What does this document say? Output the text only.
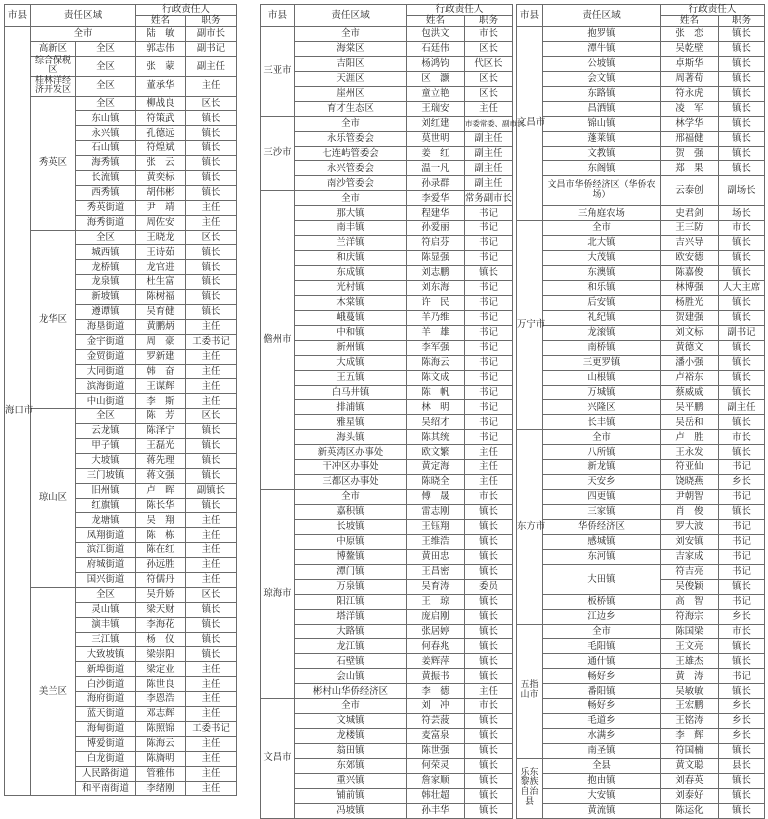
市县	责任区域		行政责任人	
			姓名	职务
海口市	全市		陆　敏	副市长
	高新区	全区	郭志伟	副书记
	综合保税区	全区	张　蒙	副主任
	桂林洋经济开发区	全区	董承华	主任
	秀英区	全区	柳战良	区长
		东山镇	符策武	镇长
		永兴镇	孔德远	镇长
		石山镇	符煌斌	镇长
		海秀镇	张　云	镇长
		长流镇	黄奕标	镇长
		西秀镇	胡伟彬	镇长
		秀英街道	尹　靖	主任
		海秀街道	周佐安	主任
	龙华区	全区	王晓龙	区长
		城西镇	王诗茹	镇长
		龙桥镇	龙官进	镇长
		龙泉镇	杜生富	镇长
		新坡镇	陈树福	镇长
		遵谭镇	吴育健	镇长
		海垦街道	黄鹏炳	主任
		金宇街道	周　豪	工委书记
		金贸街道	罗新建	主任
		大同街道	韩　奋	主任
		滨海街道	王谋辉	主任
		中山街道	李　斯	主任
	琼山区	全区	陈　芳	区长
		云龙镇	陈泽宁	镇长
		甲子镇	王磊光	镇长
		大坡镇	蒋先理	镇长
		三门坡镇	蒋文强	镇长
		旧州镇	卢　晖	副镇长
		红旗镇	陈长华	镇长
		龙塘镇	吴　翔	主任
		凤翔街道	陈　栋	主任
		滨江街道	陈在红	主任
		府城街道	孙远胜	主任
		国兴街道	符儒丹	主任
	美兰区	全区	吴升娇	区长
		灵山镇	梁天财	镇长
		演丰镇	李海花	镇长
		三江镇	杨　仪	镇长
		大致坡镇	梁崇阳	镇长
		新埠街道	梁定业	主任
		白沙街道	陈世良	主任
		海府街道	李恩浩	主任
		蓝天街道	邓志辉	主任
		海甸街道	陈照锦	工委书记
		博爱街道	陈海云	主任
		白龙街道	陈旖明	主任
		人民路街道	管雅伟	主任
		和平南街道	李绪刚	主任
市县	责任区域	行政责任人	
		姓名	职务
三亚市	全市	包洪文	市长
	海棠区	石廷伟	区长
	吉阳区	杨鸿钧	代区长
	天涯区	区　灏	区长
	崖州区	童立艳	区长
	育才生态区	王瑞安	主任
三沙市	全市	刘红建	市委常委、副市长
	永乐管委会	莫世明	副主任
	七连屿管委会	姜　红	副主任
	永兴管委会	温一凡	副主任
	南沙管委会	孙录群	副主任
儋州市	全市	李爱华	常务副市长
	那大镇	程建华	书记
	南丰镇	孙爱丽	书记
	兰洋镇	符启芬	书记
	和庆镇	陈显强	书记
	东成镇	刘志鹏	镇长
	光村镇	刘东海	书记
	木棠镇	许　民	书记
	峨蔓镇	羊乃维	书记
	中和镇	羊　雄	书记
	新州镇	李军强	书记
	大成镇	陈海云	书记
	王五镇	陈文成	书记
	白马井镇	陈　帆	书记
	排浦镇	林　明	书记
	雅星镇	吴绍才	书记
	海头镇	陈其统	书记
	新英湾区办事处	欧文繁	主任
	干冲区办事处	黄定海	主任
	三都区办事处	陈晓全	主任
琼海市	全市	傅　晟	市长
	嘉积镇	雷志刚	镇长
	长坡镇	王钰翔	镇长
	中原镇	王维浩	镇长
	博鳌镇	黄田忠	镇长
	潭门镇	王昌密	镇长
	万泉镇	吴育涛	委员
	阳江镇	王　琼	镇长
	塔洋镇	庞启刚	镇长
	大路镇	张居婷	镇长
	龙江镇	何春兆	镇长
	石壁镇	姜辉萍	镇长
	会山镇	黄振书	镇长
	彬村山华侨经济区	李　德	主任
文昌市	全市	刘　冲	市长
	文城镇	符芸菠	镇长
	龙楼镇	麦富泉	镇长
	翁田镇	陈世强	镇长
	东郊镇	何荣灵	镇长
	重兴镇	詹家顺	镇长
	铺前镇	韩壮超	镇长
	冯坡镇	孙丰华	镇长
市县	责任区域	行政责任人	
		姓名	职务
文昌市	抱罗镇	张　恋	镇长
	潭牛镇	吴乾壁	镇长
	公坡镇	卓斯华	镇长
	会文镇	周著荀	镇长
	东路镇	符永虎	镇长
	昌洒镇	凌　军	镇长
	锦山镇	林学华	镇长
	蓬莱镇	邢福健	镇长
	文教镇	贺　强	镇长
	东阁镇	郑　果	镇长
	文昌市华侨经济区（华侨农场）	云泰创	副场长
	三角庭农场	史君剑	场长
万宁市	全市	王三防	市长
	北大镇	吉兴导	镇长
	大茂镇	欧安德	镇长
	东澳镇	陈嘉俊	镇长
	和乐镇	林博强	人大主席
	后安镇	杨胜光	镇长
	礼纪镇	贺建强	镇长
	龙滚镇	刘文标	副书记
	南桥镇	黄德文	镇长
	三更罗镇	潘小强	镇长
	山根镇	卢裕东	镇长
	万城镇	蔡威威	镇长
	兴隆区	吴平鹏	副主任
	长丰镇	吴岳和	镇长
东方市	全市	卢　胜	市长
	八所镇	王永发	镇长
	新龙镇	符亚仙	书记
	天安乡	饶晓燕	乡长
	四更镇	尹朝智	书记
	三家镇	肖　俊	镇长
	华侨经济区	罗大波	书记
	感城镇	刘安镇	书记
	东河镇	吉家成	书记
	大田镇	符吉亮	书记
		吴俊颖	镇长
	板桥镇	高　智	书记
	江边乡	符海宗	乡长
五指山市	全市	陈国梁	市长
	毛阳镇	王文亮	镇长
	通什镇	王雄杰	镇长
	畅好乡	黄　涛	书记
	番阳镇	吴敏敏	镇长
	畅好乡	王宏鹏	乡长
	毛道乡	王铭涛	乡长
	水满乡	李　辉	乡长
	南圣镇	符国楠	镇长
乐东黎族自治县	全县	黄文聪	县长
	抱由镇	刘春英	镇长
	大安镇	刘泰好	镇长
	黄流镇	陈运化	镇长
